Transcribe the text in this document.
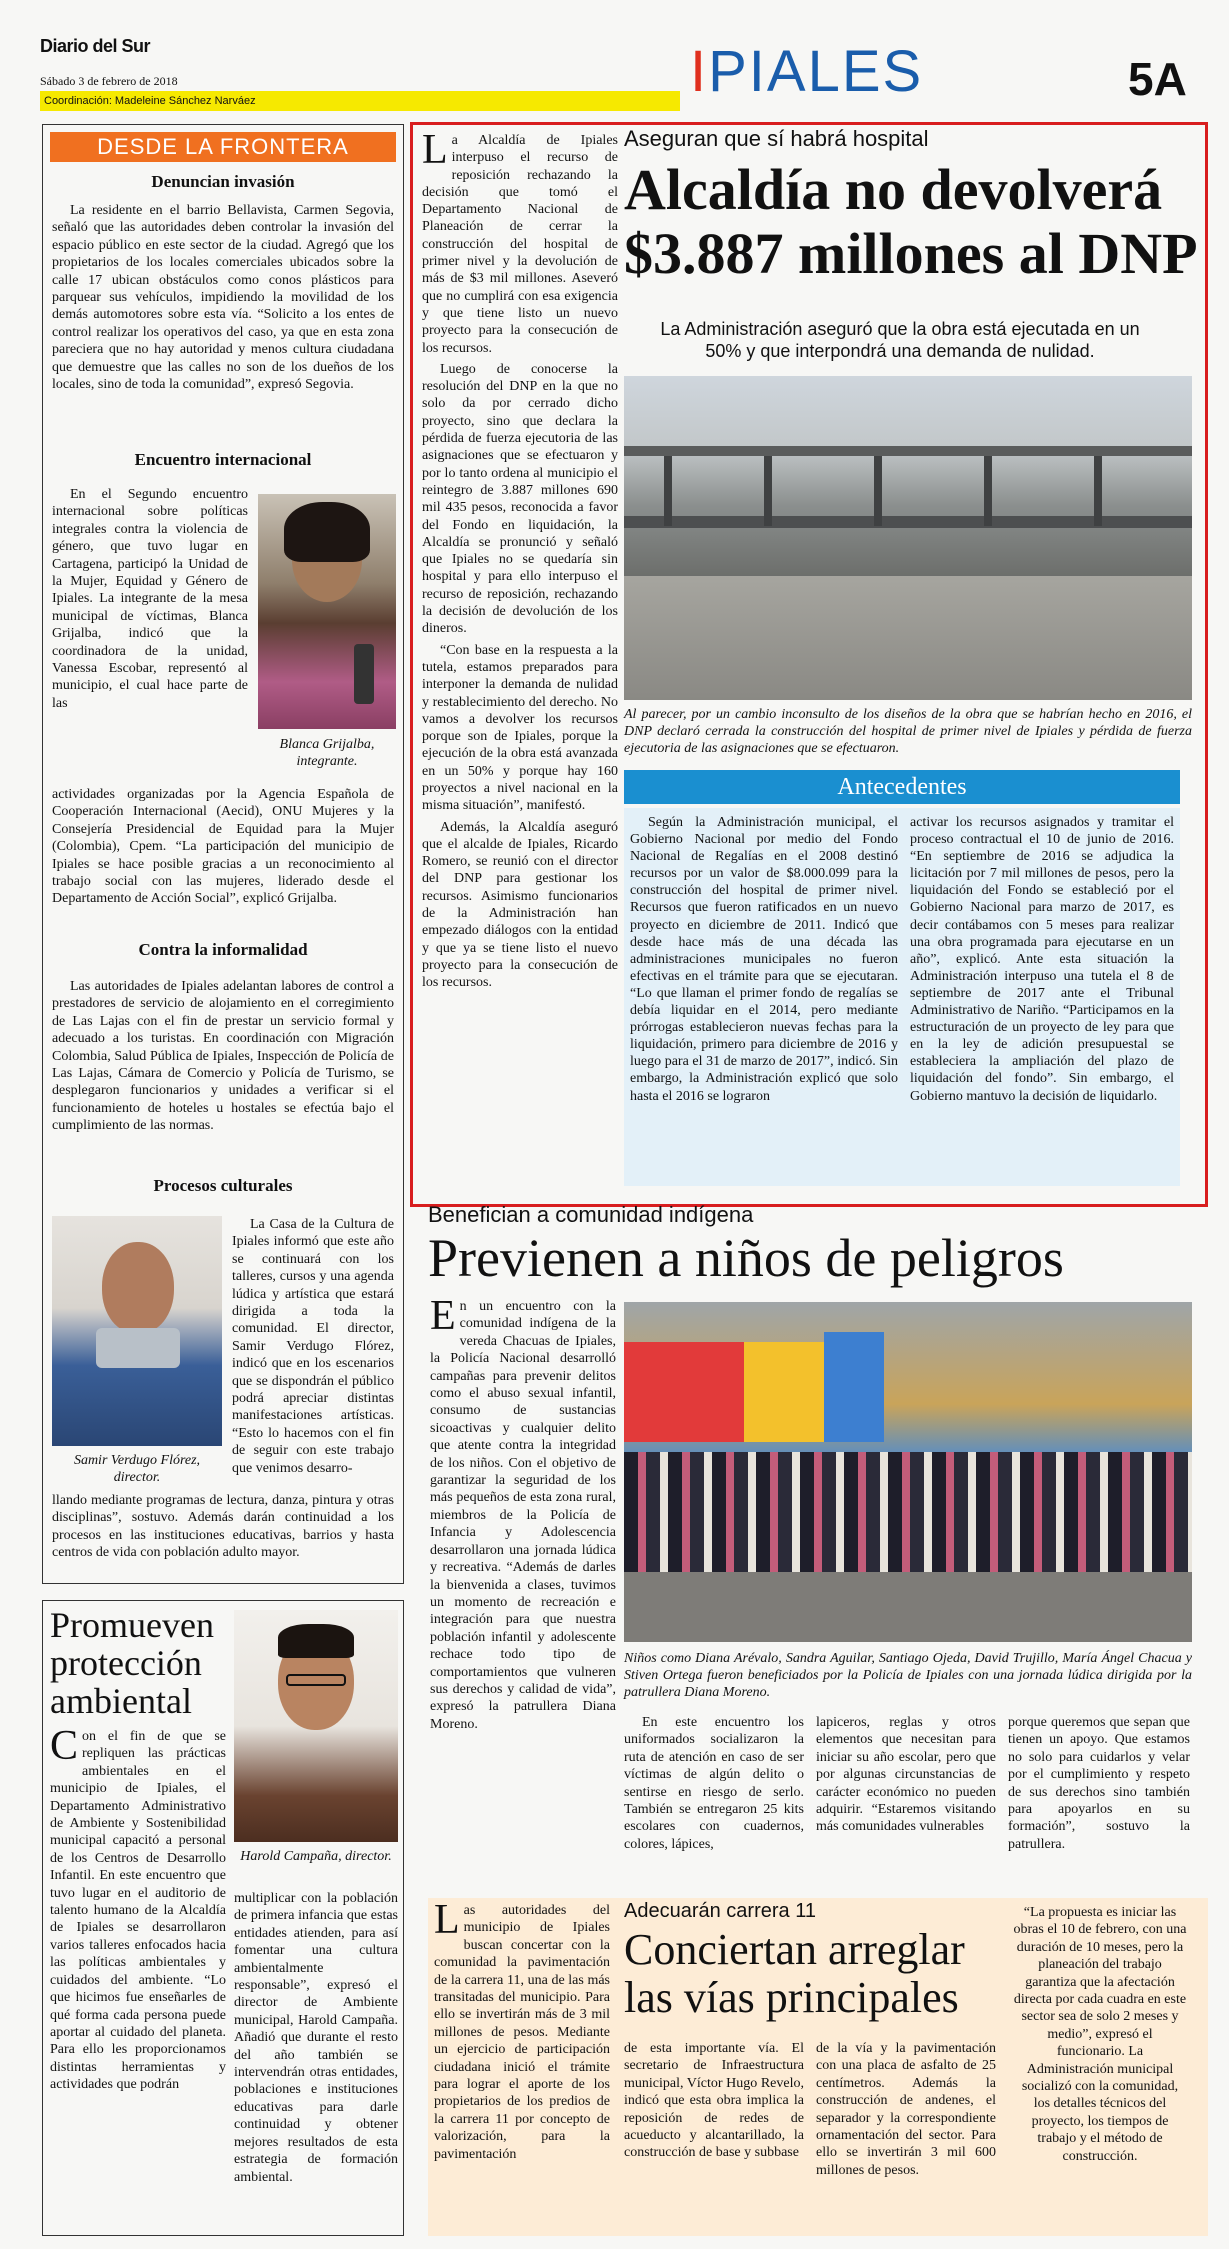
Diario del Sur
Sábado 3 de febrero de 2018
Coordinación: Madeleine Sánchez Narváez	IPIALES	5A
DESDE LA FRONTERA
Denuncian invasión

La residente en el barrio Bellavista, Carmen Segovia, señaló que las autoridades deben controlar la invasión del espacio público en este sector de la ciudad. Agregó que los propietarios de los locales comerciales ubicados sobre la calle 17 ubican obstáculos como conos plásticos para parquear sus vehículos, impidiendo la movilidad de los demás automotores sobre esta vía. “Solicito a los entes de control realizar los operativos del caso, ya que en esta zona pareciera que no hay autoridad y menos cultura ciudadana que demuestre que las calles no son de los dueños de los locales, sino de toda la comunidad”, expresó Segovia.

Encuentro internacional

En el Segundo encuentro internacional sobre políticas integrales contra la violencia de género, que tuvo lugar en Cartagena, participó la Unidad de la Mujer, Equidad y Género de Ipiales. La integrante de la mesa municipal de víctimas, Blanca Grijalba, indicó que la coordinadora de la unidad, Vanessa Escobar, representó al municipio, el cual hace parte de las

Blanca Grijalba, integrante.

actividades organizadas por la Agencia Española de Cooperación Internacional (Aecid), ONU Mujeres y la Consejería Presidencial de Equidad para la Mujer (Colombia), Cpem. “La participación del municipio de Ipiales se hace posible gracias a un reconocimiento al trabajo social con las mujeres, liderado desde el Departamento de Acción Social”, explicó Grijalba.

Contra la informalidad

Las autoridades de Ipiales adelantan labores de control a prestadores de servicio de alojamiento en el corregimiento de Las Lajas con el fin de prestar un servicio formal y adecuado a los turistas. En coordinación con Migración Colombia, Salud Pública de Ipiales, Inspección de Policía de Las Lajas, Cámara de Comercio y Policía de Turismo, se desplegaron funcionarios y unidades a verificar si el funcionamiento de hoteles u hostales se efectúa bajo el cumplimiento de las normas.

Procesos culturales
Samir Verdugo Flórez, director.

La Casa de la Cultura de Ipiales informó que este año se continuará con los talleres, cursos y una agenda lúdica y artística que estará dirigida a toda la comunidad. El director, Samir Verdugo Flórez, indicó que en los escenarios que se dispondrán el público podrá apreciar distintas manifestaciones artísticas. “Esto lo hacemos con el fin de seguir con este trabajo que venimos desarro-

llando mediante programas de lectura, danza, pintura y otras disciplinas”, sostuvo. Además darán continuidad a los procesos en las instituciones educativas, barrios y hasta centros de vida con población adulto mayor.

La Alcaldía de Ipiales interpuso el recurso de reposición rechazando la decisión que tomó el Departamento Nacional de Planeación de cerrar la construcción del hospital de primer nivel y la devolución de más de $3 mil millones. Aseveró que no cumplirá con esa exigencia y que tiene listo un nuevo proyecto para la consecución de los recursos.

Luego de conocerse la resolución del DNP en la que no solo da por cerrado dicho proyecto, sino que declara la pérdida de fuerza ejecutoria de las asignaciones que se efectuaron y por lo tanto ordena al municipio el reintegro de 3.887 millones 690 mil 435 pesos, reconocida a favor del Fondo en liquidación, la Alcaldía se pronunció y señaló que Ipiales no se quedaría sin hospital y para ello interpuso el recurso de reposición, rechazando la decisión de devolución de los dineros.

“Con base en la respuesta a la tutela, estamos preparados para interponer la demanda de nulidad y restablecimiento del derecho. No vamos a devolver los recursos porque son de Ipiales, porque la ejecución de la obra está avanzada en un 50% y porque hay 160 proyectos a nivel nacional en la misma situación”, manifestó.

Además, la Alcaldía aseguró que el alcalde de Ipiales, Ricardo Romero, se reunió con el director del DNP para gestionar los recursos. Asimismo funcionarios de la Administración han empezado diálogos con la entidad y que ya se tiene listo el nuevo proyecto para la consecución de los recursos.

Aseguran que sí habrá hospital
Alcaldía no devolverá
$3.887 millones al DNP
La Administración aseguró que la obra está ejecutada en un 50% y que interpondrá una demanda de nulidad.
Al parecer, por un cambio inconsulto de los diseños de la obra que se habrían hecho en 2016, el DNP declaró cerrada la construcción del hospital de primer nivel de Ipiales y pérdida de fuerza ejecutoria de las asignaciones que se efectuaron.
Antecedentes

Según la Administración municipal, el Gobierno Nacional por medio del Fondo Nacional de Regalías en el 2008 destinó recursos por un valor de $8.000.099 para la construcción del hospital de primer nivel. Recursos que fueron ratificados en un nuevo proyecto en diciembre de 2011. Indicó que desde hace más de una década las administraciones municipales no fueron efectivas en el trámite para que se ejecutaran. “Lo que llaman el primer fondo de regalías se debía liquidar en el 2014, pero mediante prórrogas establecieron nuevas fechas para la liquidación, primero para diciembre de 2016 y luego para el 31 de marzo de 2017”, indicó. Sin embargo, la Administración explicó que solo hasta el 2016 se lograron

activar los recursos asignados y tramitar el proceso contractual el 10 de junio de 2016. “En septiembre de 2016 se adjudica la licitación por 7 mil millones de pesos, pero la liquidación del Fondo se estableció por el Gobierno Nacional para marzo de 2017, es decir contábamos con 5 meses para realizar una obra programada para ejecutarse en un año”, explicó. Ante esta situación la Administración interpuso una tutela el 8 de septiembre de 2017 ante el Tribunal Administrativo de Nariño. “Participamos en la estructuración de un proyecto de ley para que en la ley de adición presupuestal se estableciera la ampliación del plazo de liquidación del fondo”. Sin embargo, el Gobierno mantuvo la decisión de liquidarlo.

Benefician a comunidad indígena
Previenen a niños de peligros

En un encuentro con la comunidad indígena de la vereda Chacuas de Ipiales, la Policía Nacional desarrolló campañas para prevenir delitos como el abuso sexual infantil, consumo de sustancias sicoactivas y cualquier delito que atente contra la integridad de los niños. Con el objetivo de garantizar la seguridad de los más pequeños de esta zona rural, miembros de la Policía de Infancia y Adolescencia desarrollaron una jornada lúdica y recreativa. “Además de darles la bienvenida a clases, tuvimos un momento de recreación e integración para que nuestra población infantil y adolescente rechace todo tipo de comportamientos que vulneren sus derechos y calidad de vida”, expresó la patrullera Diana Moreno.

Niños como Diana Arévalo, Sandra Aguilar, Santiago Ojeda, David Trujillo, María Ángel Chacua y Stiven Ortega fueron beneficiados por la Policía de Ipiales con una jornada lúdica dirigida por la patrullera Diana Moreno.

En este encuentro los uniformados socializaron la ruta de atención en caso de ser víctimas de algún delito o sentirse en riesgo de serlo. También se entregaron 25 kits escolares con cuadernos, colores, lápices,

lapiceros, reglas y otros elementos que necesitan para iniciar su año escolar, pero que por algunas circunstancias de carácter económico no pueden adquirir. “Estaremos visitando más comunidades vulnerables

porque queremos que sepan que tienen un apoyo. Que estamos no solo para cuidarlos y velar por el cumplimiento y respeto de sus derechos sino también para apoyarlos en su formación”, sostuvo la patrullera.

Promueven protección ambiental
Harold Campaña, director.

Con el fin de que se repliquen las prácticas ambientales en el municipio de Ipiales, el Departamento Administrativo de Ambiente y Sostenibilidad municipal capacitó a personal de los Centros de Desarrollo Infantil. En este encuentro que tuvo lugar en el auditorio de talento humano de la Alcaldía de Ipiales se desarrollaron varios talleres enfocados hacia las políticas ambientales y cuidados del ambiente. “Lo que hicimos fue enseñarles de qué forma cada persona puede aportar al cuidado del planeta. Para ello les proporcionamos distintas herramientas y actividades que podrán

multiplicar con la población de primera infancia que estas entidades atienden, para así fomentar una cultura ambientalmente responsable”, expresó el director de Ambiente municipal, Harold Campaña. Añadió que durante el resto del año también se intervendrán otras entidades, poblaciones e instituciones educativas para darle continuidad y obtener mejores resultados de esta estrategia de formación ambiental.

Las autoridades del municipio de Ipiales buscan concertar con la comunidad la pavimentación de la carrera 11, una de las más transitadas del municipio. Para ello se invertirán más de 3 mil millones de pesos. Mediante un ejercicio de participación ciudadana inició el trámite para lograr el aporte de los propietarios de los predios de la carrera 11 por concepto de valorización, para la pavimentación

Adecuarán carrera 11
Conciertan arreglar las vías principales

de esta importante vía. El secretario de Infraestructura municipal, Víctor Hugo Revelo, indicó que esta obra implica la reposición de redes de acueducto y alcantarillado, la construcción de base y subbase

de la vía y la pavimentación con una placa de asfalto de 25 centímetros. Además la construcción de andenes, el separador y la correspondiente ornamentación del sector. Para ello se invertirán 3 mil 600 millones de pesos.

“La propuesta es iniciar las obras el 10 de febrero, con una duración de 10 meses, pero la planeación del trabajo garantiza que la afectación directa por cada cuadra en este sector sea de solo 2 meses y medio”, expresó el funcionario. La Administración municipal socializó con la comunidad, los detalles técnicos del proyecto, los tiempos de trabajo y el método de construcción.
